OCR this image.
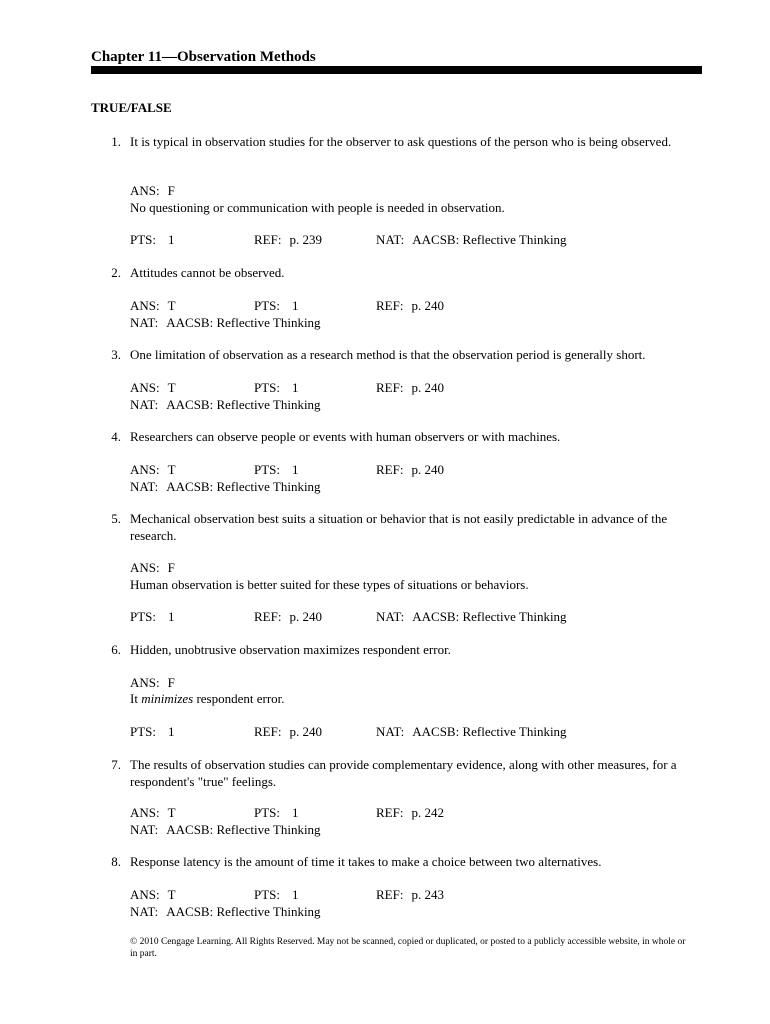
Chapter 11—Observation Methods
TRUE/FALSE
1. It is typical in observation studies for the observer to ask questions of the person who is being observed.
ANS: F
No questioning or communication with people is needed in observation.
PTS: 1	REF: p. 239	NAT: AACSB: Reflective Thinking
2. Attitudes cannot be observed.
ANS: T	PTS: 1	REF: p. 240
NAT: AACSB: Reflective Thinking
3. One limitation of observation as a research method is that the observation period is generally short.
ANS: T	PTS: 1	REF: p. 240
NAT: AACSB: Reflective Thinking
4. Researchers can observe people or events with human observers or with machines.
ANS: T	PTS: 1	REF: p. 240
NAT: AACSB: Reflective Thinking
5. Mechanical observation best suits a situation or behavior that is not easily predictable in advance of the research.
ANS: F
Human observation is better suited for these types of situations or behaviors.
PTS: 1	REF: p. 240	NAT: AACSB: Reflective Thinking
6. Hidden, unobtrusive observation maximizes respondent error.
ANS: F
It minimizes respondent error.
PTS: 1	REF: p. 240	NAT: AACSB: Reflective Thinking
7. The results of observation studies can provide complementary evidence, along with other measures, for a respondent's "true" feelings.
ANS: T	PTS: 1	REF: p. 242
NAT: AACSB: Reflective Thinking
8. Response latency is the amount of time it takes to make a choice between two alternatives.
ANS: T	PTS: 1	REF: p. 243
NAT: AACSB: Reflective Thinking
© 2010 Cengage Learning. All Rights Reserved. May not be scanned, copied or duplicated, or posted to a publicly accessible website, in whole or in part.
